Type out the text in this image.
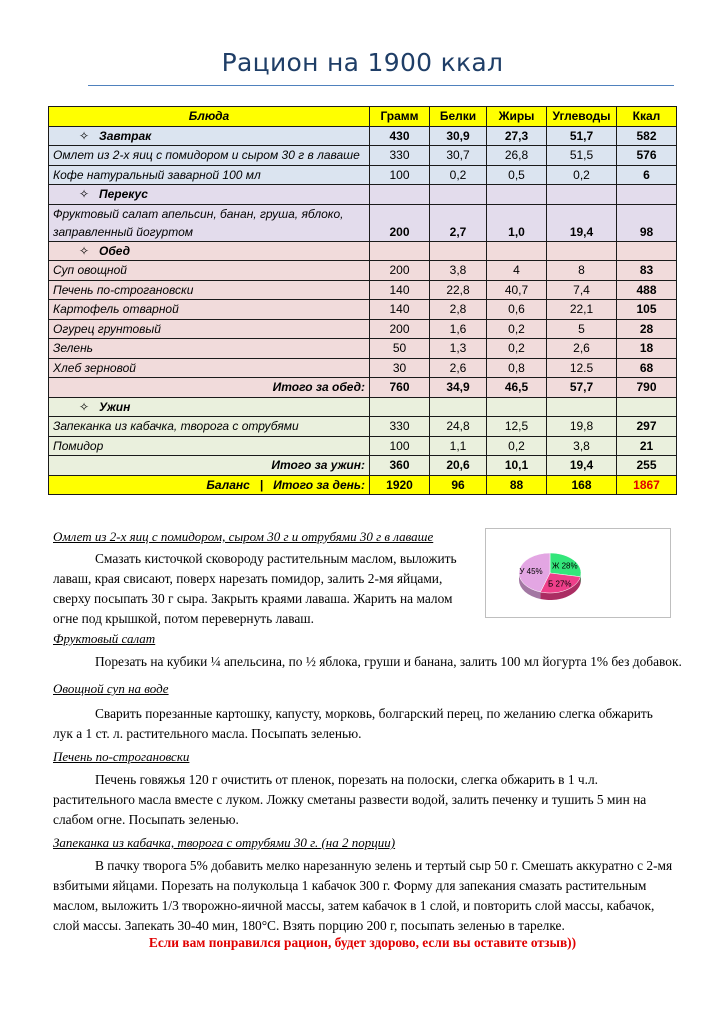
Рацион на 1900 ккал
Блюда	Грамм	Белки	Жиры	Углеводы	Ккал
✧ Завтрак	430	30,9	27,3	51,7	582
Омлет из 2-х яиц с помидором и сыром 30 г в лаваше	330	30,7	26,8	51,5	576
Кофе натуральный заварной 100 мл	100	0,2	0,5	0,2	6
✧ Перекус					
Фруктовый салат апельсин, банан, груша, яблоко,
заправленный йогуртом	200	2,7	1,0	19,4	98
✧ Обед					
Суп овощной	200	3,8	4	8	83
Печень по-строгановски	140	22,8	40,7	7,4	488
Картофель отварной	140	2,8	0,6	22,1	105
Огурец грунтовый	200	1,6	0,2	5	28
Зелень	50	1,3	0,2	2,6	18
Хлеб зерновой	30	2,6	0,8	12.5	68
Итого за обед:	760	34,9	46,5	57,7	790
✧ Ужин					
Запеканка из кабачка, творога с отрубями	330	24,8	12,5	19,8	297
Помидор	100	1,1	0,2	3,8	21
Итого за ужин:	360	20,6	10,1	19,4	255
Баланс   |   Итого за день:	1920	96	88	168	1867
Омлет из 2-х яиц с помидором, сыром 30 г и отрубями 30 г в лаваше

Смазать кисточкой сковороду растительным маслом, выложить

лаваш, края свисают, поверх нарезать помидор, залить 2-мя яйцами,
сверху посыпать 30 г сыра. Закрыть краями лаваша. Жарить на малом
огне под крышкой, потом перевернуть лаваш.
Ж 28%
Б 27%
У 45%
Фруктовый салат

Порезать на кубики ¼ апельсина, по ½ яблока, груши и банана, залить 100 мл йогурта 1% без добавок.

Овощной суп на воде

Сварить порезанные картошку, капусту, морковь, болгарский перец, по желанию слегка обжарить

лук а 1 ст. л. растительного масла. Посыпать зеленью.
Печень по-строгановски

Печень говяжья 120 г очистить от пленок, порезать на полоски, слегка обжарить в 1 ч.л.

растительного масла вместе с луком. Ложку сметаны развести водой, залить печенку и тушить 5 мин на
слабом огне. Посыпать зеленью.
Запеканка из кабачка, творога с отрубями 30 г. (на 2 порции)

В пачку творога 5% добавить мелко нарезанную зелень и тертый сыр 50 г. Смешать аккуратно с 2-мя

взбитыми яйцами. Порезать на полукольца 1 кабачок 300 г. Форму для запекания смазать растительным
маслом, выложить 1/3 творожно-яичной массы, затем кабачок в 1 слой, и повторить слой массы, кабачок,
слой массы. Запекать 30-40 мин, 180°С. Взять порцию 200 г, посыпать зеленью в тарелке.
Если вам понравился рацион, будет здорово, если вы оставите отзыв))
